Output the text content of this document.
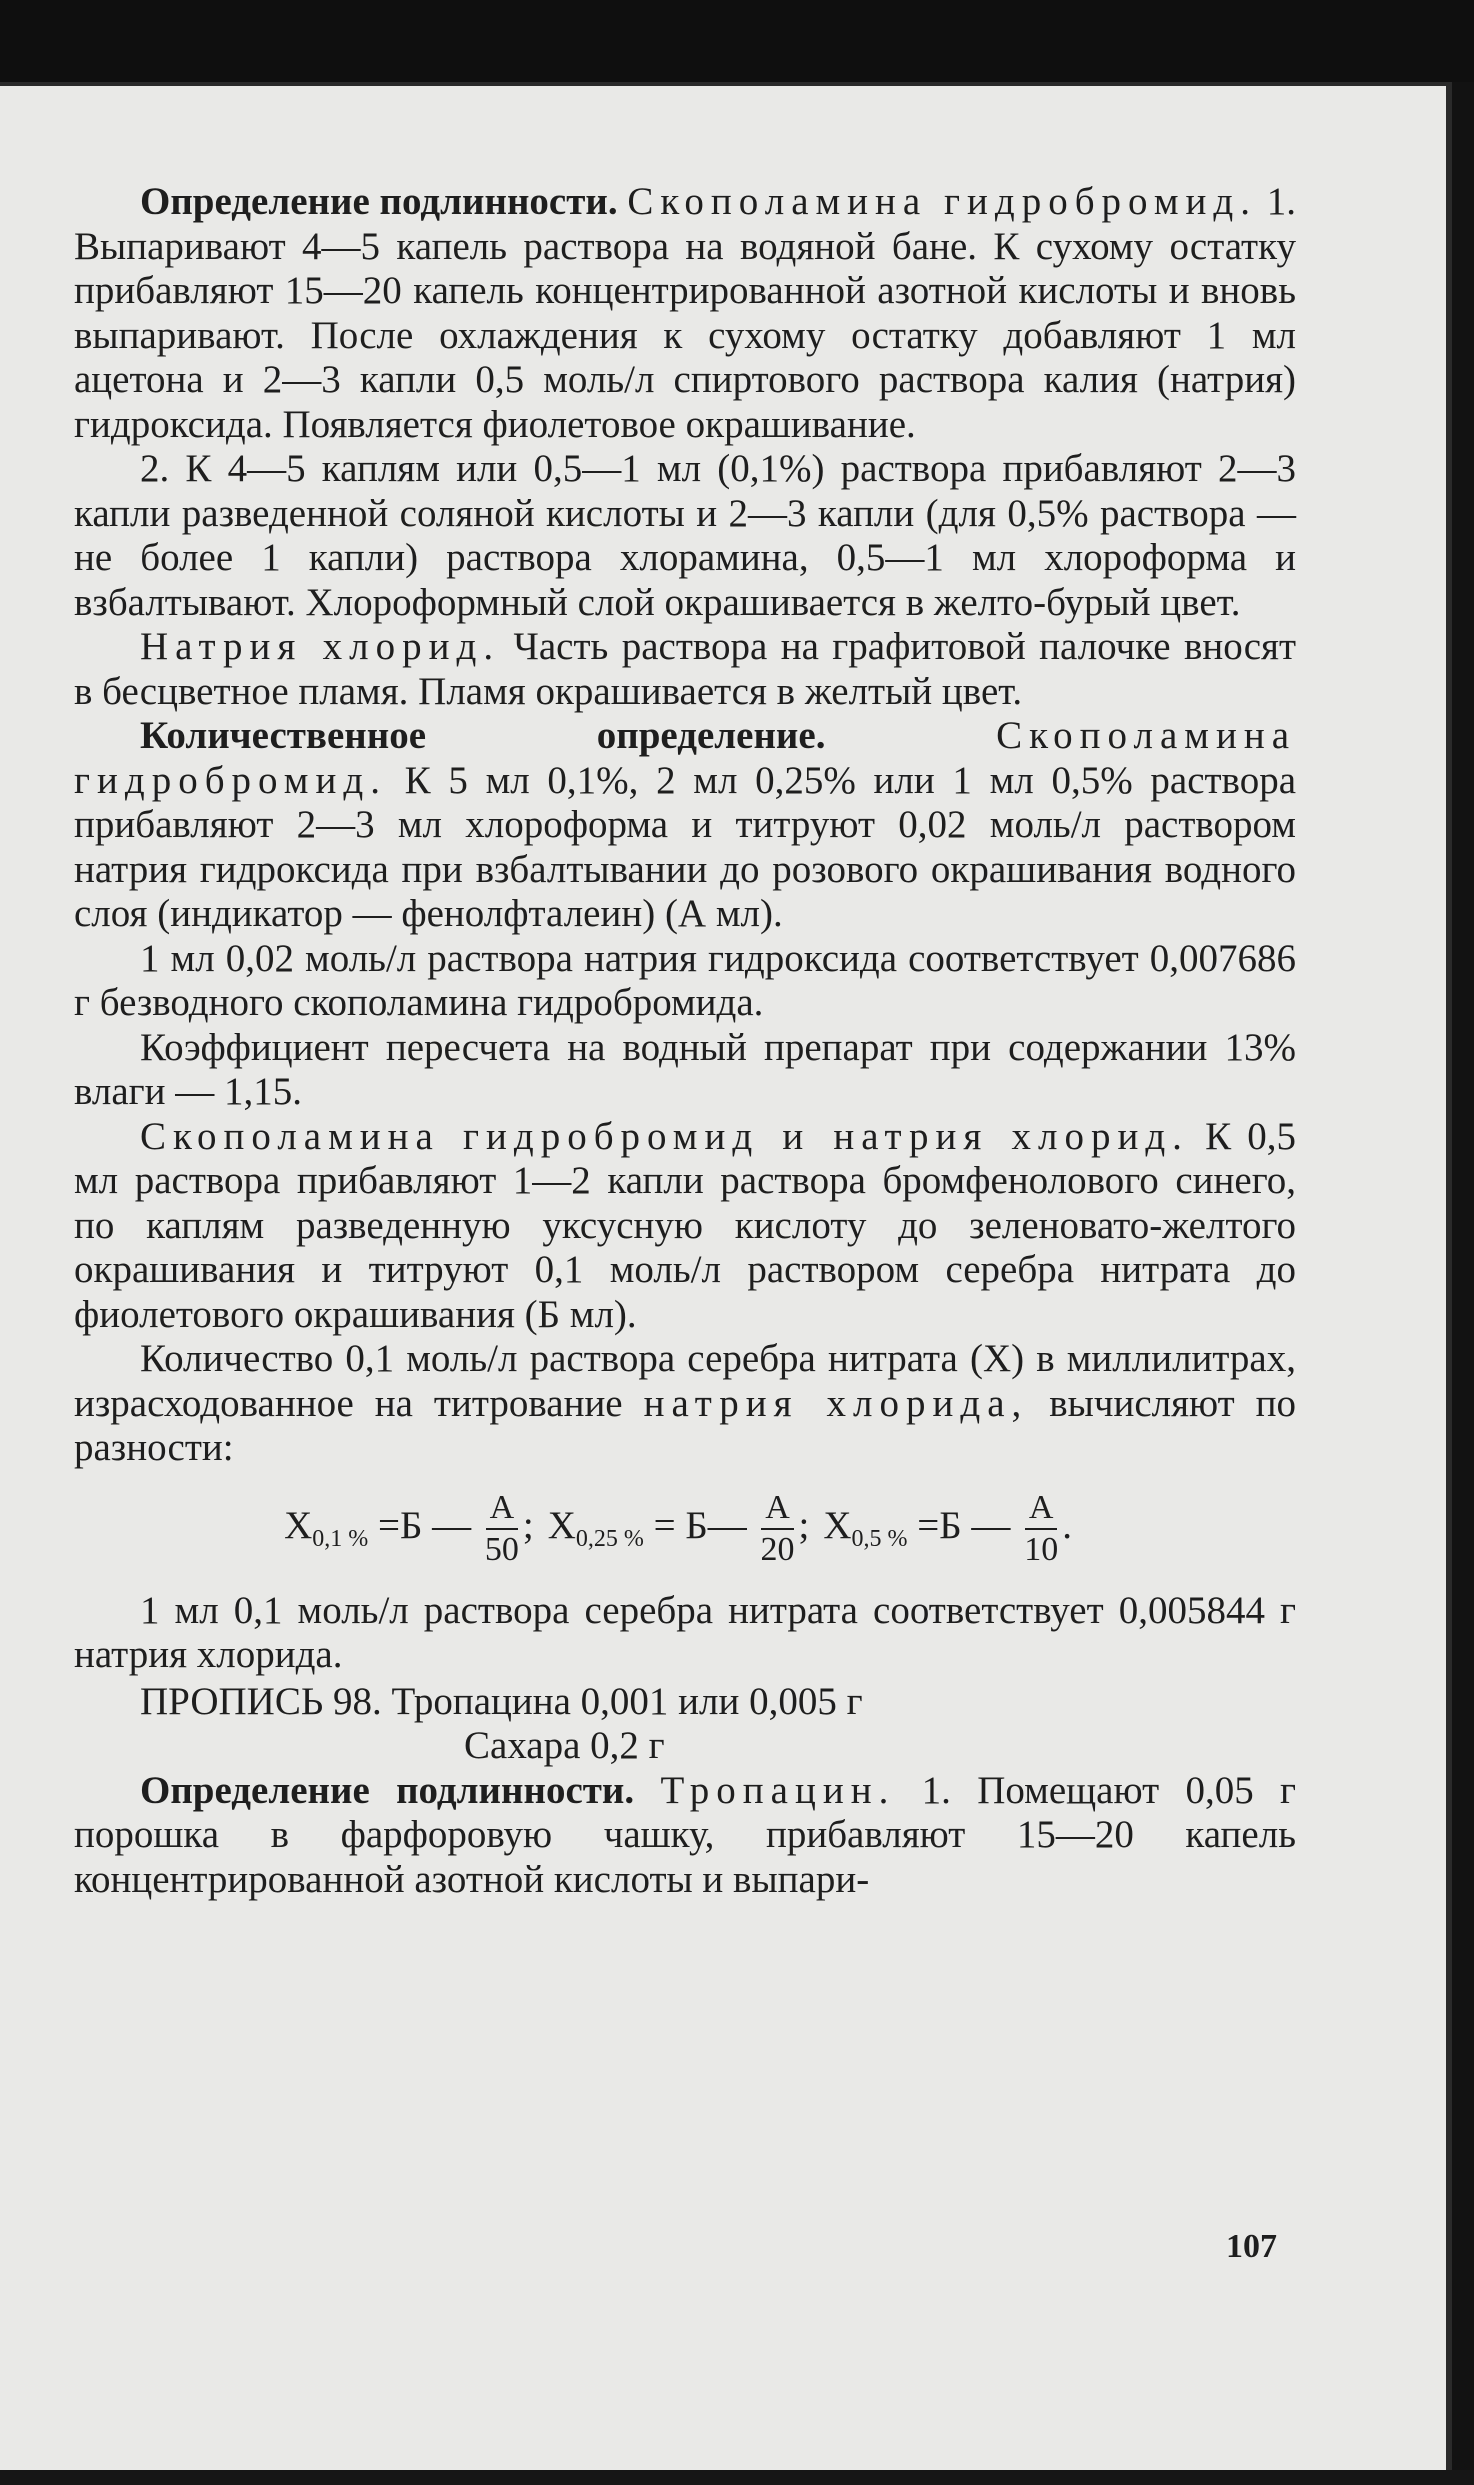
Определение подлинности. Скополамина гидробромид. 1. Выпаривают 4—5 капель раствора на водяной бане. К сухому остатку прибавляют 15—20 капель концентрированной азотной кислоты и вновь выпаривают. После охлаждения к сухому остатку добавляют 1 мл ацетона и 2—3 капли 0,5 моль/л спиртового раствора калия (натрия) гидроксида. Появляется фиолетовое окрашивание.

2. К 4—5 каплям или 0,5—1 мл (0,1%) раствора прибавляют 2—3 капли разведенной соляной кислоты и 2—3 капли (для 0,5% раствора — не более 1 капли) раствора хлорамина, 0,5—1 мл хлороформа и взбалтывают. Хлороформный слой окрашивается в желто-бурый цвет.

Натрия хлорид. Часть раствора на графитовой палочке вносят в бесцветное пламя. Пламя окрашивается в желтый цвет.

Количественное определение.	Скополамина гидробромид. К 5 мл 0,1%, 2 мл 0,25% или 1 мл 0,5% раствора прибавляют 2—3 мл хлороформа и титруют 0,02 моль/л раствором натрия гидроксида при взбалтывании до розового окрашивания водного слоя (индикатор — фенолфталеин) (А мл).

1 мл 0,02 моль/л раствора натрия гидроксида соответствует 0,007686 г безводного скополамина гидробромида.

Коэффициент пересчета на водный препарат при содержании 13% влаги — 1,15.

Скополамина гидробромид и натрия хлорид. К 0,5 мл раствора прибавляют 1—2 капли раствора бромфенолового синего, по каплям разведенную уксусную кислоту до зеленовато-желтого окрашивания и титруют 0,1 моль/л раствором серебра нитрата до фиолетового окрашивания (Б мл).

Количество 0,1 моль/л раствора серебра нитрата (Х) в миллилитрах, израсходованное на титрование натрия хлорида, вычисляют по разности:

$X_{0,1 \%} =Б$ — $\frac{А}{50}$ ; $X_{0,25 \%}$ = Б— $\frac{А}{20}$ ; $X_{0,5 \%} =Б$ — $\frac{А}{10}$ .

1 мл 0,1 моль/л раствора серебра нитрата соответствует 0,005844 г натрия хлорида.

ПРОПИСЬ 98. Тропацина 0,001 или 0,005 г
Сахара 0,2 г

Определение подлинности. Тропацин. 1. Помещают 0,05 г порошка в фарфоровую чашку, прибавляют 15—20 капель концентрированной азотной кислоты и выпари-

107
